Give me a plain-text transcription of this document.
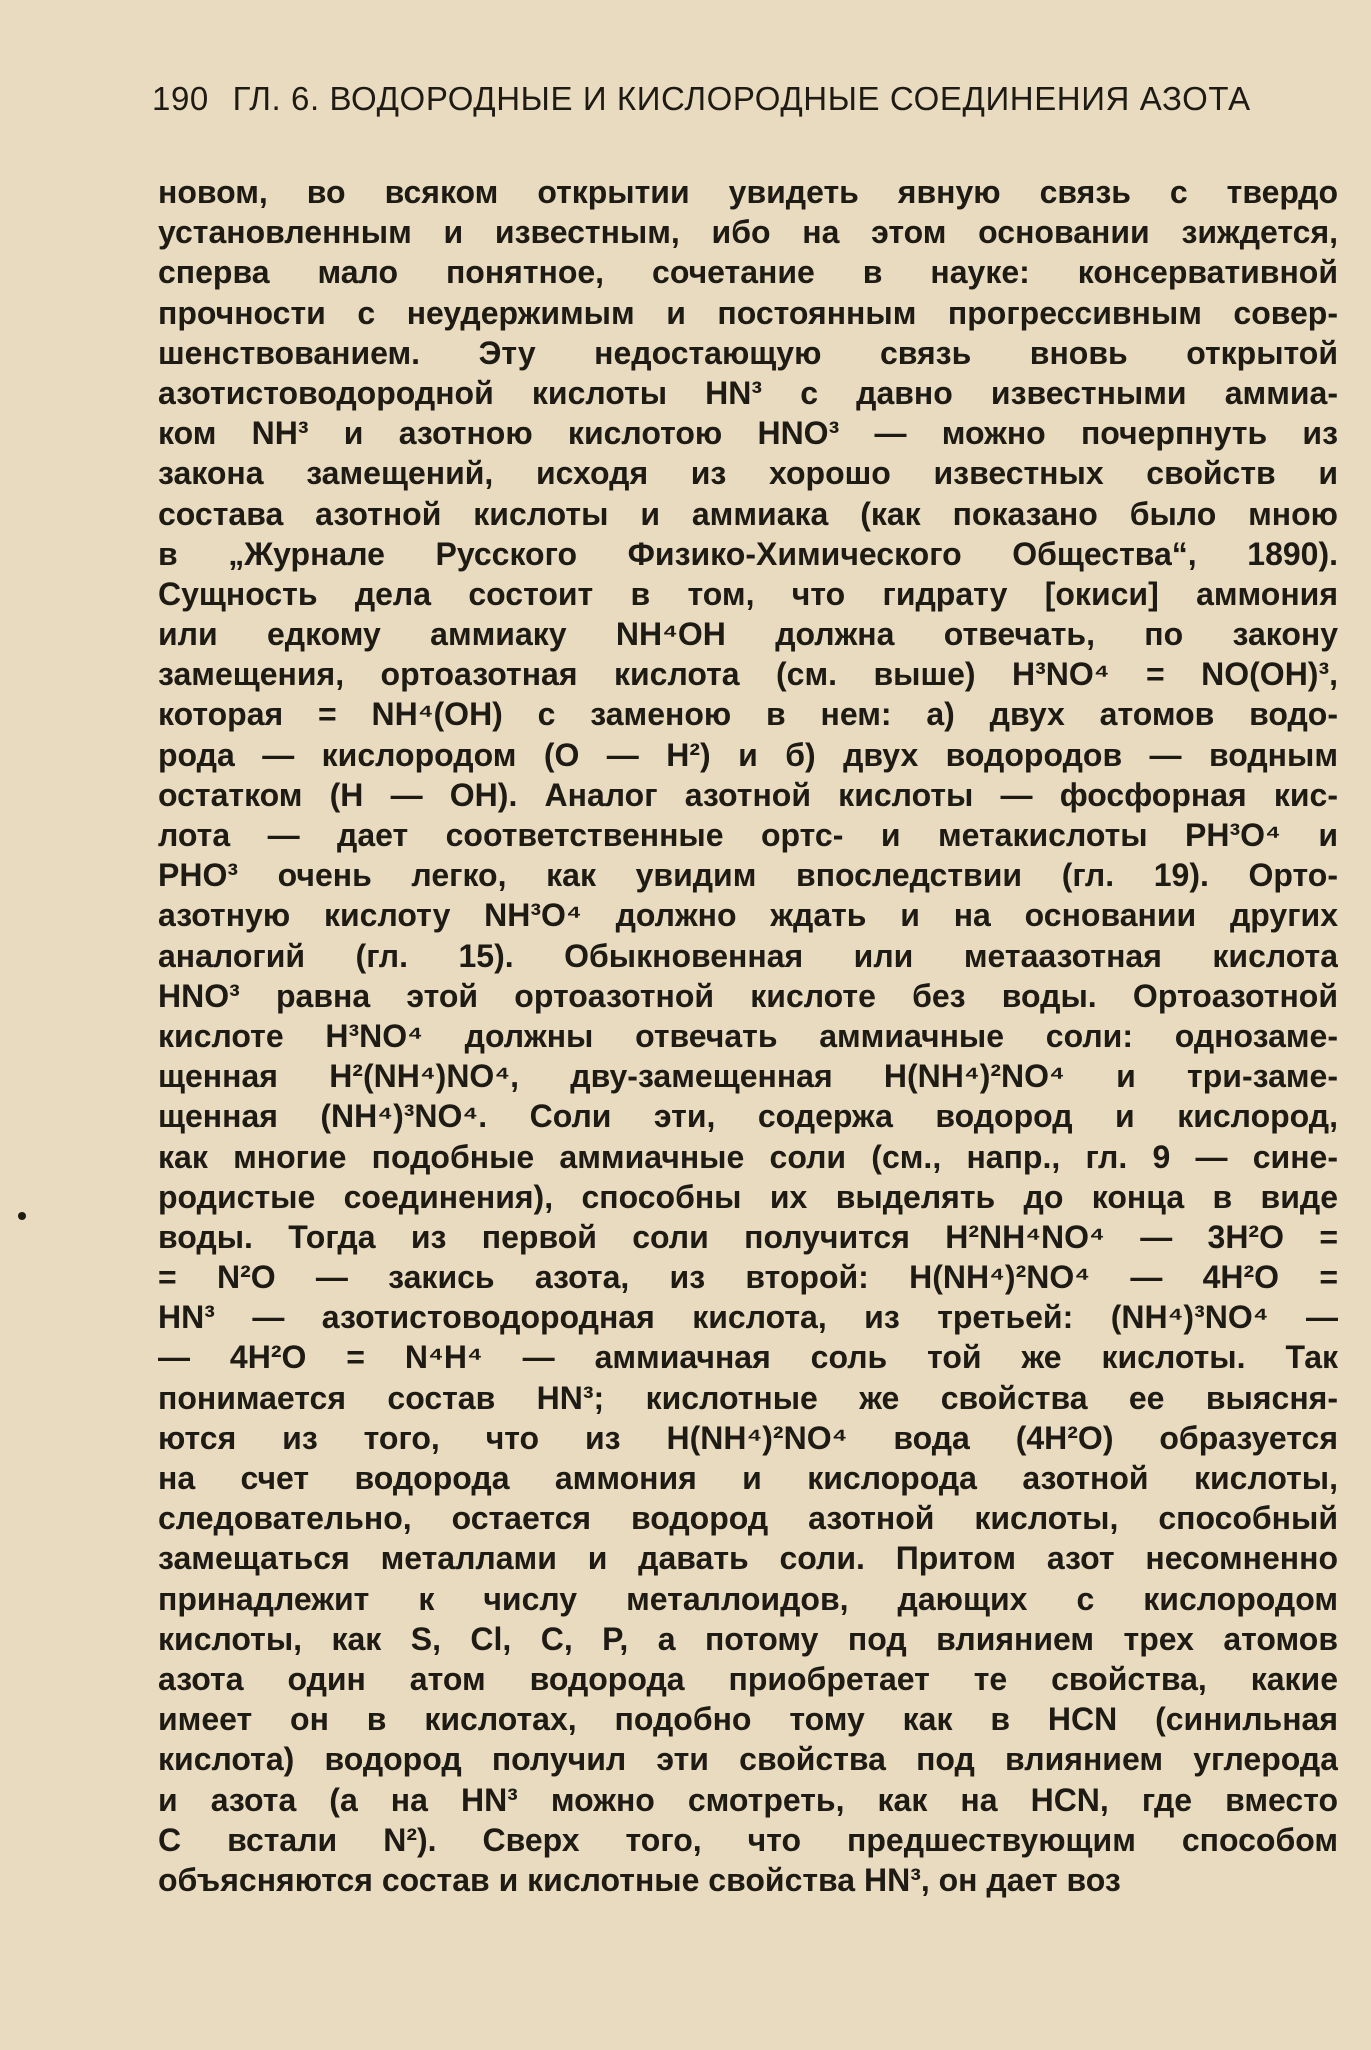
190 ГЛ. 6. ВОДОРОДНЫЕ И КИСЛОРОДНЫЕ СОЕДИНЕНИЯ АЗОТА
новом, во всяком открытии увидеть явную связь с твердо
установленным и известным, ибо на этом основании зиждется,
сперва мало понятное, сочетание в науке: консервативной
прочности с неудержимым и постоянным прогрессивным совер-
шенствованием. Эту недостающую связь вновь открытой
азотистоводородной кислоты HN³ с давно известными аммиа-
ком NH³ и азотною кислотою HNO³ — можно почерпнуть из
закона замещений, исходя из хорошо известных свойств и
состава азотной кислоты и аммиака (как показано было мною
в „Журнале Русского Физико-Химического Общества“, 1890).
Сущность дела состоит в том, что гидрату [окиси] аммония
или едкому аммиаку NH⁴OH должна отвечать, по закону
замещения, ортоазотная кислота (см. выше) H³NO⁴ = NO(OH)³,
которая = NH⁴(OH) с заменою в нем: а) двух атомов водо-
рода — кислородом (O — H²) и б) двух водородов — водным
остатком (H — OH). Аналог азотной кислоты — фосфорная кис-
лота — дает соответственные ортс- и метакислоты PH³O⁴ и
PHO³ очень легко, как увидим впоследствии (гл. 19). Орто-
азотную кислоту NH³O⁴ должно ждать и на основании других
аналогий (гл. 15). Обыкновенная или метаазотная кислота
HNO³ равна этой ортоазотной кислоте без воды. Ортоазотной
кислоте H³NO⁴ должны отвечать аммиачные соли: однозаме-
щенная H²(NH⁴)NO⁴, дву-замещенная H(NH⁴)²NO⁴ и три-заме-
щенная (NH⁴)³NO⁴. Соли эти, содержа водород и кислород,
как многие подобные аммиачные соли (см., напр., гл. 9 — сине-
родистые соединения), способны их выделять до конца в виде
воды. Тогда из первой соли получится H²NH⁴NO⁴ — 3H²O =
= N²O — закись азота, из второй: H(NH⁴)²NO⁴ — 4H²O =
HN³ — азотистоводородная кислота, из третьей: (NH⁴)³NO⁴ —
— 4H²O = N⁴H⁴ — аммиачная соль той же кислоты. Так
понимается состав HN³; кислотные же свойства ее выясня-
ются из того, что из H(NH⁴)²NO⁴ вода (4H²O) образуется
на счет водорода аммония и кислорода азотной кислоты,
следовательно, остается водород азотной кислоты, способный
замещаться металлами и давать соли. Притом азот несомненно
принадлежит к числу металлоидов, дающих с кислородом
кислоты, как S, Cl, C, P, а потому под влиянием трех атомов
азота один атом водорода приобретает те свойства, какие
имеет он в кислотах, подобно тому как в HCN (синильная
кислота) водород получил эти свойства под влиянием углерода
и азота (а на HN³ можно смотреть, как на HCN, где вместо
C встали N²). Сверх того, что предшествующим способом
объясняются состав и кислотные свойства HN³, он дает воз
